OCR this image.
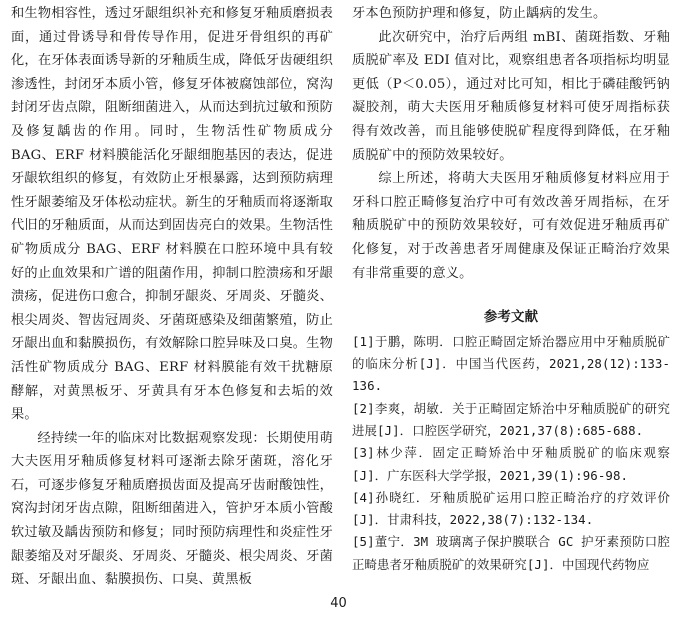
和生物相容性，透过牙龈组织补充和修复牙釉质磨损表面，通过骨诱导和骨传导作用，促进牙骨组织的再矿化，在牙体表面诱导新的牙釉质生成，降低牙齿硬组织渗透性，封闭牙本质小管，修复牙体被腐蚀部位，窝沟封闭牙齿点隙，阻断细菌进入，从而达到抗过敏和预防及修复龋齿的作用。同时，生物活性矿物质成分 BAG、ERF 材料膜能活化牙龈细胞基因的表达，促进牙龈软组织的修复，有效防止牙根暴露，达到预防病理性牙龈萎缩及牙体松动症状。新生的牙釉质而将逐渐取代旧的牙釉质面，从而达到固齿亮白的效果。生物活性矿物质成分 BAG、ERF 材料膜在口腔环境中具有较好的止血效果和广谱的阻菌作用，抑制口腔溃疡和牙龈溃疡，促进伤口愈合，抑制牙龈炎、牙周炎、牙髓炎、根尖周炎、智齿冠周炎、牙菌斑感染及细菌繁殖，防止牙龈出血和黏膜损伤，有效解除口腔异味及口臭。生物活性矿物质成分 BAG、ERF 材料膜能有效干扰糖原酵解，对黄黑板牙、牙黄具有牙本色修复和去垢的效果。

经持续一年的临床对比数据观察发现：长期使用萌大夫医用牙釉质修复材料可逐渐去除牙菌斑，溶化牙石，可逐步修复牙釉质磨损齿面及提高牙齿耐酸蚀性，窝沟封闭牙齿点隙，阻断细菌进入，管护牙本质小管酸软过敏及龋齿预防和修复；同时预防病理性和炎症性牙龈萎缩及对牙龈炎、牙周炎、牙髓炎、根尖周炎、牙菌斑、牙龈出血、黏膜损伤、口臭、黄黑板

牙本色预防护理和修复，防止龋病的发生。

此次研究中，治疗后两组 mBI、菌斑指数、牙釉质脱矿率及 EDI 值对比，观察组患者各项指标均明显更低（P＜0.05），通过对比可知，相比于磷硅酸钙钠凝胶剂，萌大夫医用牙釉质修复材料可使牙周指标获得有效改善，而且能够使脱矿程度得到降低，在牙釉质脱矿中的预防效果较好。

综上所述，将萌大夫医用牙釉质修复材料应用于牙科口腔正畸修复治疗中可有效改善牙周指标，在牙釉质脱矿中的预防效果较好，可有效促进牙釉质再矿化修复，对于改善患者牙周健康及保证正畸治疗效果有非常重要的意义。

参考文献

[1]于鹏，陈明．口腔正畸固定矫治器应用中牙釉质脱矿的临床分析[J]．中国当代医药，2021,28(12):133-136.

[2]李爽，胡敏．关于正畸固定矫治中牙釉质脱矿的研究进展[J]．口腔医学研究，2021,37(8):685-688.

[3]林少萍．固定正畸矫治中牙釉质脱矿的临床观察[J]．广东医科大学学报，2021,39(1):96-98.

[4]孙晓红．牙釉质脱矿运用口腔正畸治疗的疗效评价[J]．甘肃科技，2022,38(7):132-134.

[5]董宁．3M 玻璃离子保护膜联合 GC 护牙素预防口腔正畸患者牙釉质脱矿的效果研究[J]．中国现代药物应

40
